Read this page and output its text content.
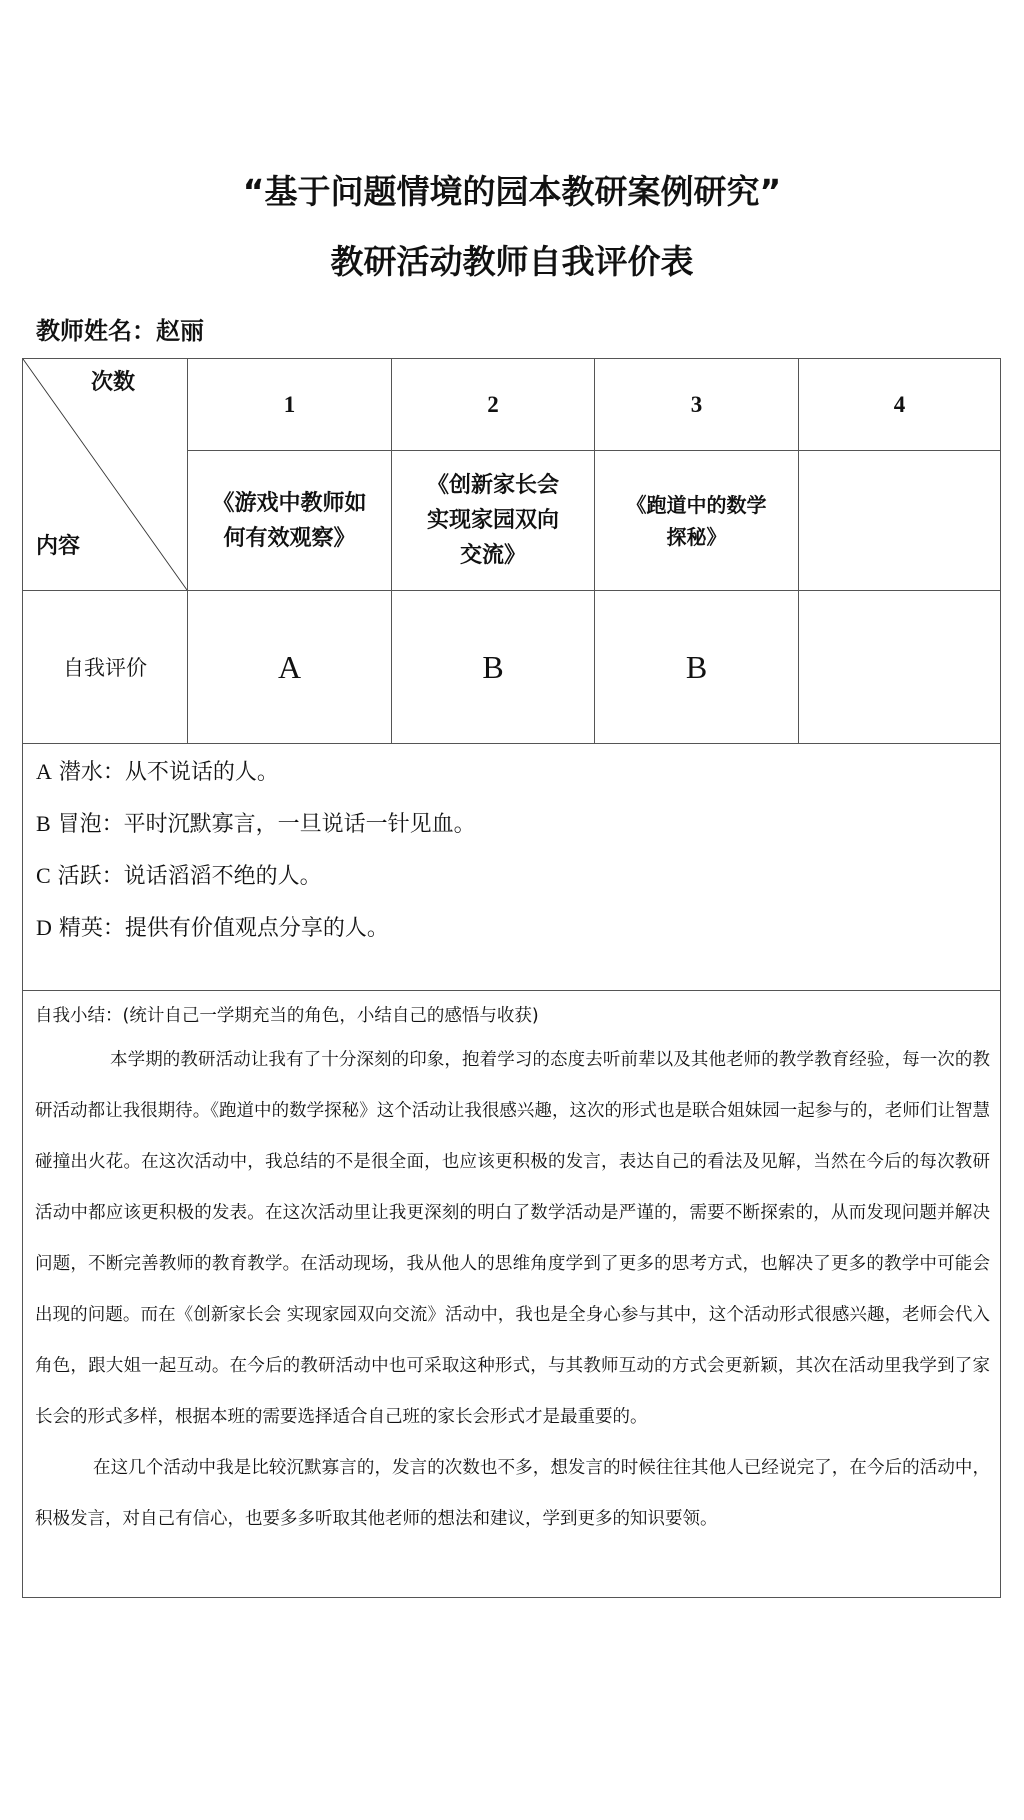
“基于问题情境的园本教研案例研究”
教研活动教师自我评价表
教师姓名：赵丽
次数
内容	1	2	3	4
	《游戏中教师如何有效观察》	《创新家长会实现家园双向交流》	《跑道中的数学
探秘》	

自我评价	A	B	B	

A 潜水：从不说话的人。
B 冒泡：平时沉默寡言，一旦说话一针见血。
C 活跃：说话滔滔不绝的人。
D 精英：提供有价值观点分享的人。				

自我小结：(统计自己一学期充当的角色，小结自己的感悟与收获)
本学期的教研活动让我有了十分深刻的印象，抱着学习的态度去听前辈以及其他老师的教学教育经验，每一次的教研活动都让我很期待。《跑道中的数学探秘》这个活动让我很感兴趣，这次的形式也是联合姐妹园一起参与的，老师们让智慧碰撞出火花。在这次活动中，我总结的不是很全面，也应该更积极的发言，表达自己的看法及见解，当然在今后的每次教研活动中都应该更积极的发表。在这次活动里让我更深刻的明白了数学活动是严谨的，需要不断探索的，从而发现问题并解决问题，不断完善教师的教育教学。在活动现场，我从他人的思维角度学到了更多的思考方式，也解决了更多的教学中可能会出现的问题。而在《创新家长会 实现家园双向交流》活动中，我也是全身心参与其中，这个活动形式很感兴趣，老师会代入角色，跟大姐一起互动。在今后的教研活动中也可采取这种形式，与其教师互动的方式会更新颖，其次在活动里我学到了家长会的形式多样，根据本班的需要选择适合自己班的家长会形式才是最重要的。
在这几个活动中我是比较沉默寡言的，发言的次数也不多，想发言的时候往往其他人已经说完了，在今后的活动中，积极发言，对自己有信心，也要多多听取其他老师的想法和建议，学到更多的知识要领。				
